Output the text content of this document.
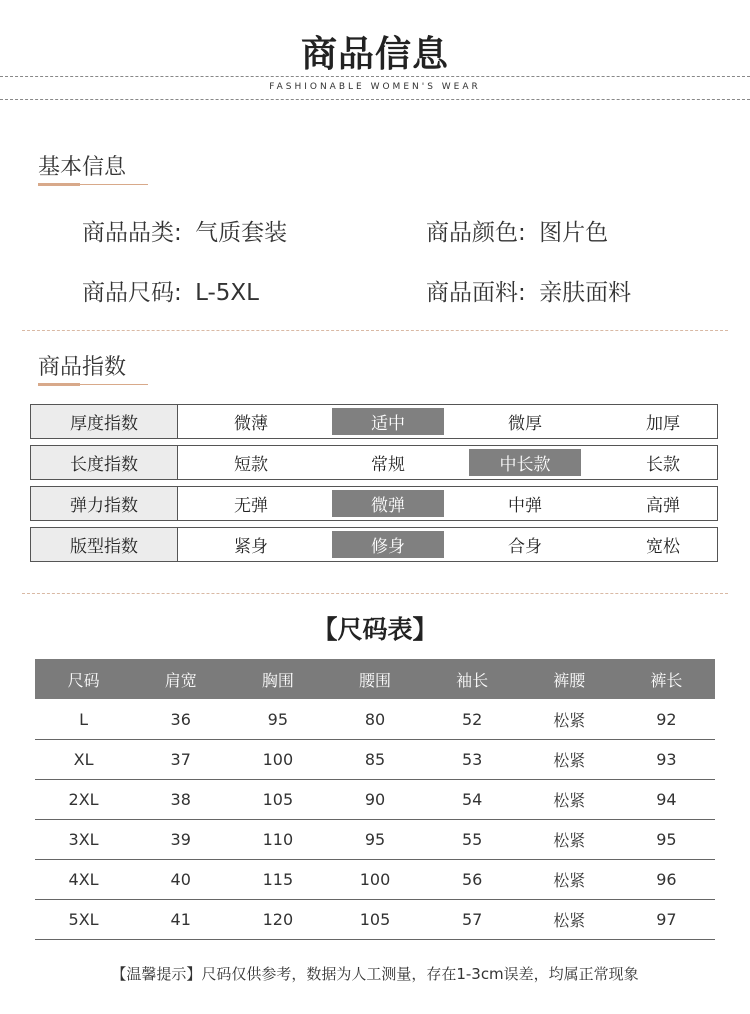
商品信息
FASHIONABLE WOMEN'S WEAR
基本信息
商品品类: 气质套装	商品颜色: 图片色
商品尺码: L-5XL	商品面料: 亲肤面料
商品指数
厚度指数	微薄	适中	微厚	加厚
长度指数	短款	常规	中长款	长款
弹力指数	无弹	微弹	中弹	高弹
版型指数	紧身	修身	合身	宽松
【尺码表】
尺码	肩宽	胸围	腰围	袖长	裤腰	裤长
L	36	95	80	52	松紧	92
XL	37	100	85	53	松紧	93
2XL	38	105	90	54	松紧	94
3XL	39	110	95	55	松紧	95
4XL	40	115	100	56	松紧	96
5XL	41	120	105	57	松紧	97
【温馨提示】尺码仅供参考，数据为人工测量，存在1-3cm误差，均属正常现象
